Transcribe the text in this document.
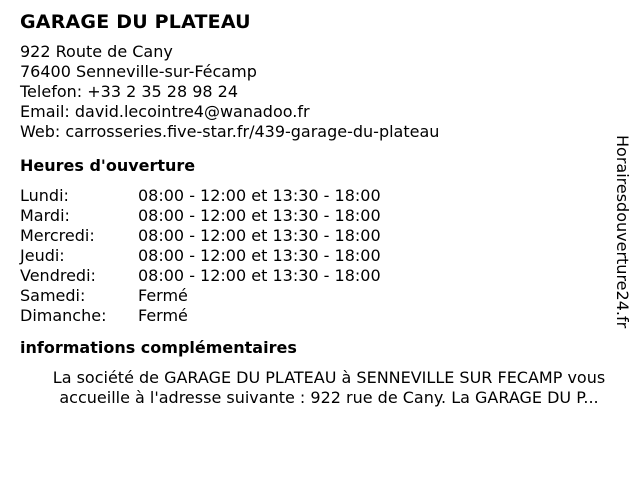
GARAGE DU PLATEAU
922 Route de Cany
76400 Senneville-sur-Fécamp
Telefon: +33 2 35 28 98 24
Email: david.lecointre4@wanadoo.fr
Web: carrosseries.five-star.fr/439-garage-du-plateau
Heures d'ouverture
Lundi:	08:00 - 12:00 et 13:30 - 18:00
Mardi:	08:00 - 12:00 et 13:30 - 18:00
Mercredi:	08:00 - 12:00 et 13:30 - 18:00
Jeudi:	08:00 - 12:00 et 13:30 - 18:00
Vendredi:	08:00 - 12:00 et 13:30 - 18:00
Samedi:	Fermé
Dimanche:	Fermé
informations complémentaires
La société de GARAGE DU PLATEAU à SENNEVILLE SUR FECAMP vous
accueille à l'adresse suivante : 922 rue de Cany. La GARAGE DU P...
Horairesdouverture24.fr
